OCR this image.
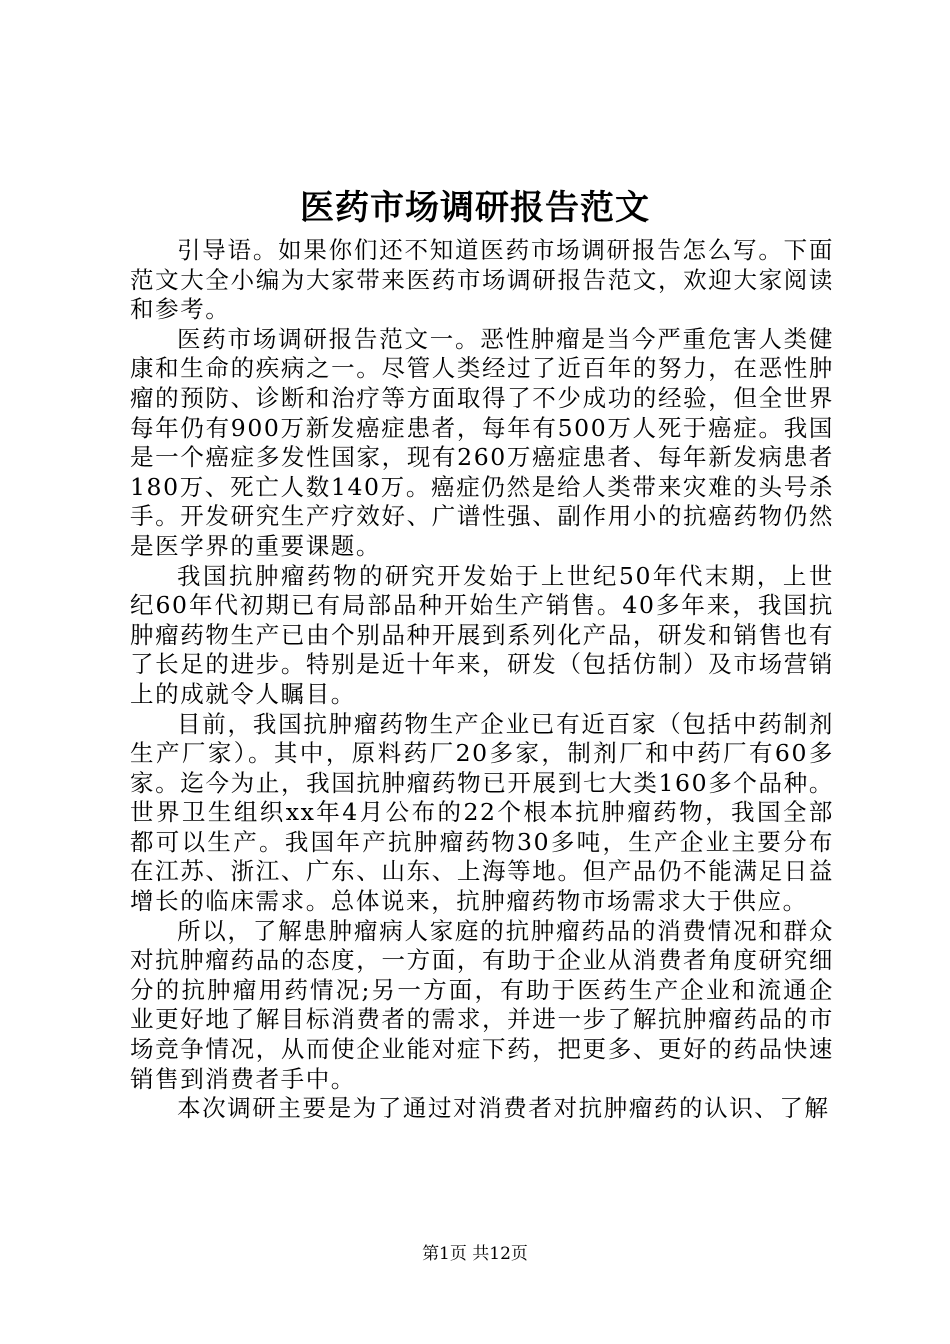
医药市场调研报告范文

引导语。如果你们还不知道医药市场调研报告怎么写。下面范文大全小编为大家带来医药市场调研报告范文，欢迎大家阅读和参考。

医药市场调研报告范文一。恶性肿瘤是当今严重危害人类健康和生命的疾病之一。尽管人类经过了近百年的努力，在恶性肿瘤的预防、诊断和治疗等方面取得了不少成功的经验，但全世界每年仍有900万新发癌症患者，每年有500万人死于癌症。我国是一个癌症多发性国家，现有260万癌症患者、每年新发病患者180万、死亡人数140万。癌症仍然是给人类带来灾难的头号杀手。开发研究生产疗效好、广谱性强、副作用小的抗癌药物仍然是医学界的重要课题。

我国抗肿瘤药物的研究开发始于上世纪50年代末期，上世纪60年代初期已有局部品种开始生产销售。40多年来，我国抗肿瘤药物生产已由个别品种开展到系列化产品，研发和销售也有了长足的进步。特别是近十年来，研发（包括仿制）及市场营销上的成就令人瞩目。

目前，我国抗肿瘤药物生产企业已有近百家（包括中药制剂生产厂家）。其中，原料药厂20多家，制剂厂和中药厂有60多家。迄今为止，我国抗肿瘤药物已开展到七大类160多个品种。世界卫生组织xx年4月公布的22个根本抗肿瘤药物，我国全部都可以生产。我国年产抗肿瘤药物30多吨，生产企业主要分布在江苏、浙江、广东、山东、上海等地。但产品仍不能满足日益增长的临床需求。总体说来，抗肿瘤药物市场需求大于供应。

所以，了解患肿瘤病人家庭的抗肿瘤药品的消费情况和群众对抗肿瘤药品的态度，一方面，有助于企业从消费者角度研究细分的抗肿瘤用药情况;另一方面，有助于医药生产企业和流通企业更好地了解目标消费者的需求，并进一步了解抗肿瘤药品的市场竞争情况，从而使企业能对症下药，把更多、更好的药品快速销售到消费者手中。

本次调研主要是为了通过对消费者对抗肿瘤药的认识、了解

第1页 共12页
